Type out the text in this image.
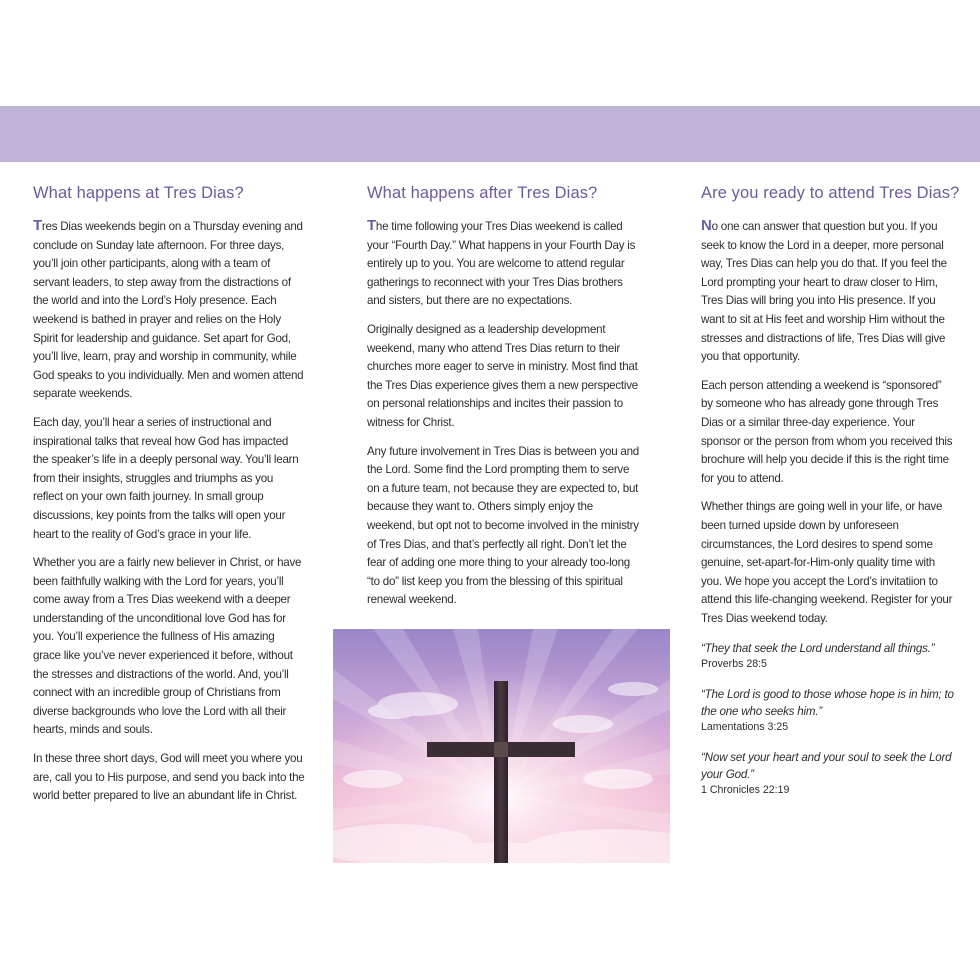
What happens at Tres Dias?

Tres Dias weekends begin on a Thursday evening and conclude on Sunday late afternoon. For three days, you’ll join other participants, along with a team of servant leaders, to step away from the distractions of the world and into the Lord’s Holy presence. Each weekend is bathed in prayer and relies on the Holy Spirit for leadership and guidance. Set apart for God, you’ll live, learn, pray and worship in community, while God speaks to you individually. Men and women attend separate weekends.

Each day, you’ll hear a series of instructional and inspirational talks that reveal how God has impacted the speaker’s life in a deeply personal way. You’ll learn from their insights, struggles and triumphs as you reflect on your own faith journey. In small group discussions, key points from the talks will open your heart to the reality of God’s grace in your life.

Whether you are a fairly new believer in Christ, or have been faithfully walking with the Lord for years, you’ll come away from a Tres Dias weekend with a deeper understanding of the unconditional love God has for you. You’ll experience the fullness of His amazing grace like you’ve never experienced it before, without the stresses and distractions of the world. And, you’ll connect with an incredible group of Christians from diverse backgrounds who love the Lord with all their hearts, minds and souls.

In these three short days, God will meet you where you are, call you to His purpose, and send you back into the world better prepared to live an abundant life in Christ.

What happens after Tres Dias?

The time following your Tres Dias weekend is called your “Fourth Day.” What happens in your Fourth Day is entirely up to you. You are welcome to attend regular gatherings to reconnect with your Tres Dias brothers and sisters, but there are no expectations.

Originally designed as a leadership development weekend, many who attend Tres Dias return to their churches more eager to serve in ministry. Most find that the Tres Dias experience gives them a new perspective on personal relationships and incites their passion to witness for Christ.

Any future involvement in Tres Dias is between you and the Lord. Some find the Lord prompting them to serve on a future team, not because they are expected to, but because they want to. Others simply enjoy the weekend, but opt not to become involved in the ministry of Tres Dias, and that’s perfectly all right. Don’t let the fear of adding one more thing to your already too-long “to do” list keep you from the blessing of this spiritual renewal weekend.

Are you ready to attend Tres Dias?

No one can answer that question but you. If you seek to know the Lord in a deeper, more personal way, Tres Dias can help you do that. If you feel the Lord prompting your heart to draw closer to Him, Tres Dias will bring you into His presence. If you want to sit at His feet and worship Him without the stresses and distractions of life, Tres Dias will give you that opportunity.

Each person attending a weekend is “sponsored” by someone who has already gone through Tres Dias or a similar three-day experience. Your sponsor or the person from whom you received this brochure will help you decide if this is the right time for you to attend.

Whether things are going well in your life, or have been turned upside down by unforeseen circumstances, the Lord desires to spend some genuine, set-apart-for-Him-only quality time with you. We hope you accept the Lord’s invitatiion to attend this life-changing weekend. Register for your Tres Dias weekend today.

“They that seek the Lord understand all things.”
Proverbs 28:5
“The Lord is good to those whose hope is in him; to the one who seeks him.”
Lamentations 3:25
“Now set your heart and your soul to seek the Lord your God.”
1 Chronicles 22:19
